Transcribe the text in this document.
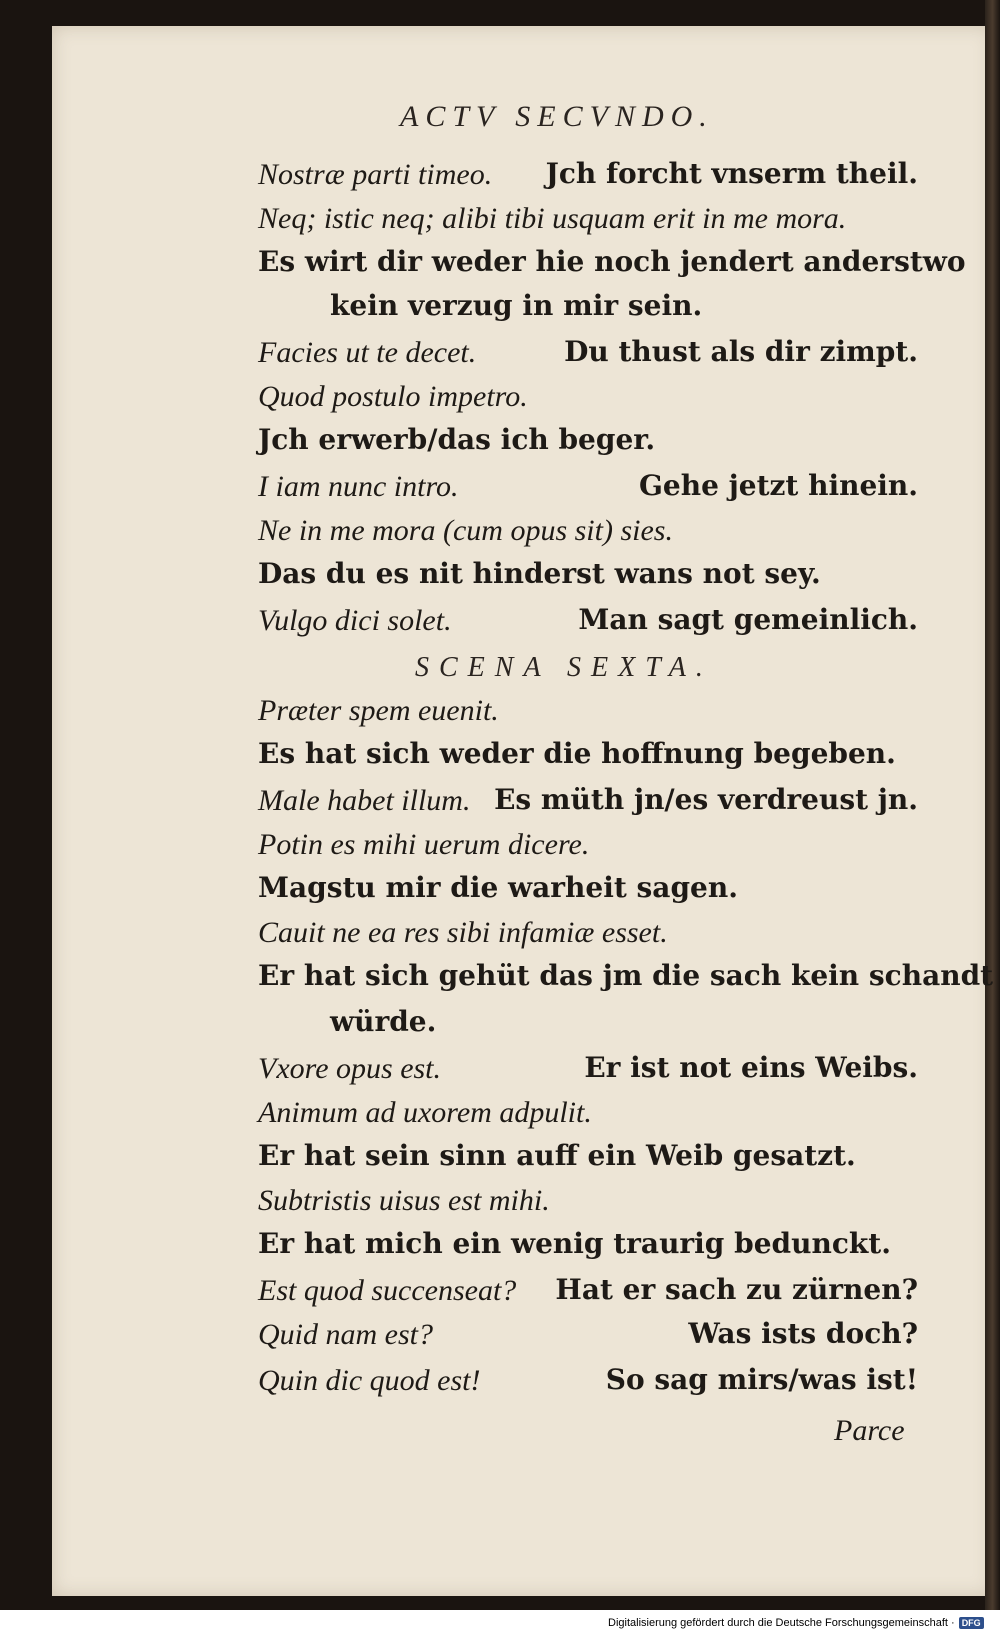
ACTV SECVNDO.
Nostræ parti timeo. Jch forcht vnserm theil.
Neq; istic neq; alibi tibi usquam erit in me mora.
Es wirt dir weder hie noch jendert anderstwo
kein verzug in mir sein.
Facies ut te decet.	Du thust als dir zimpt.
Quod postulo impetro.
Jch erwerb/das ich beger.
I iam nunc intro.	Gehe jetzt hinein.
Ne in me mora (cum opus sit) sies.
Das du es nit hinderst wans not sey.
Vulgo dici solet.	Man sagt gemeinlich.
SCENA SEXTA.
Præter spem euenit.
Es hat sich weder die hoffnung begeben.
Male habet illum. Es müth jn/es verdreust jn.
Potin es mihi uerum dicere.
Magstu mir die warheit sagen.
Cauit ne ea res sibi infamiæ esset.
Er hat sich gehüt das jm die sach kein schandt
würde.
Vxore opus est.	Er ist not eins Weibs.
Animum ad uxorem adpulit.
Er hat sein sinn auff ein Weib gesatzt.
Subtristis uisus est mihi.
Er hat mich ein wenig traurig bedunckt.
Est quod succenseat? Hat er sach zu zürnen?
Quid nam est?	Was ists doch?
Quin dic quod est!	So sag mirs/was ist!
Parce
Digitalisierung gefördert durch die Deutsche Forschungsgemeinschaft · DFG
